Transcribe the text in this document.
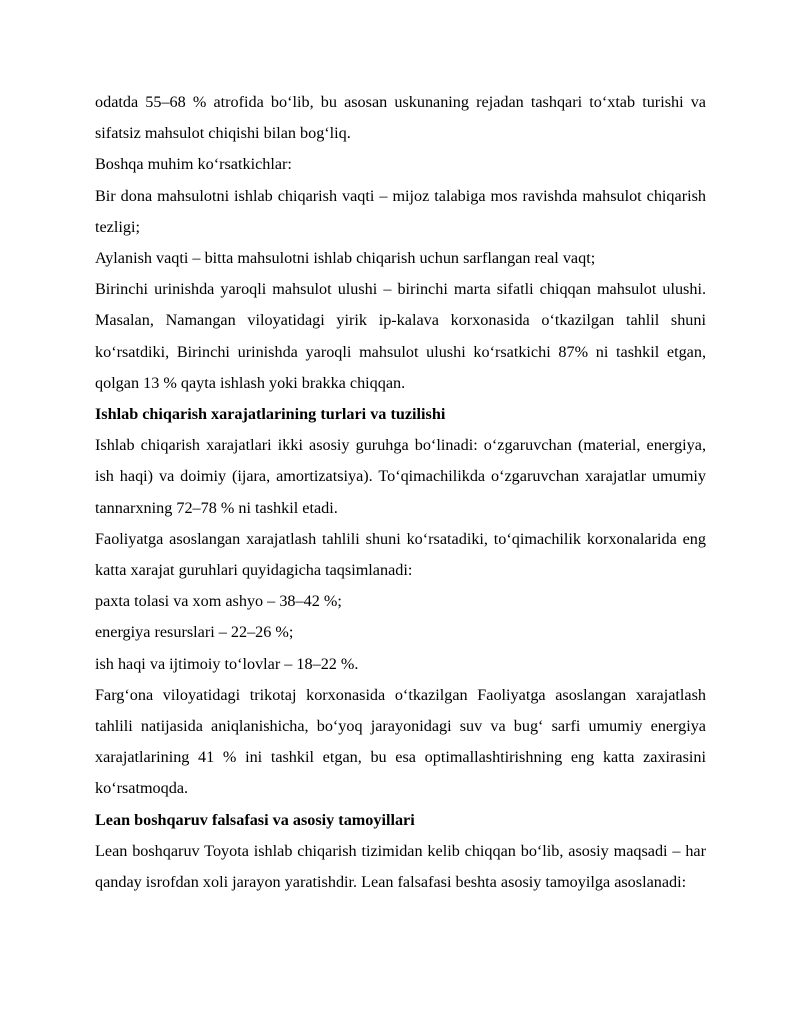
odatda 55–68 % atrofida bo‘lib, bu asosan uskunaning rejadan tashqari to‘xtab turishi va sifatsiz mahsulot chiqishi bilan bog‘liq.

Boshqa muhim ko‘rsatkichlar:

Bir dona mahsulotni ishlab chiqarish vaqti – mijoz talabiga mos ravishda mahsulot chiqarish tezligi;

Aylanish vaqti – bitta mahsulotni ishlab chiqarish uchun sarflangan real vaqt;

Birinchi urinishda yaroqli mahsulot ulushi – birinchi marta sifatli chiqqan mahsulot ulushi. Masalan, Namangan viloyatidagi yirik ip-kalava korxonasida o‘tkazilgan tahlil shuni ko‘rsatdiki, Birinchi urinishda yaroqli mahsulot ulushi ko‘rsatkichi 87% ni tashkil etgan, qolgan 13 % qayta ishlash yoki brakka chiqqan.

Ishlab chiqarish xarajatlarining turlari va tuzilishi

Ishlab chiqarish xarajatlari ikki asosiy guruhga bo‘linadi: o‘zgaruvchan (material, energiya, ish haqi) va doimiy (ijara, amortizatsiya). To‘qimachilikda o‘zgaruvchan xarajatlar umumiy tannarxning 72–78 % ni tashkil etadi.

Faoliyatga asoslangan xarajatlash tahlili shuni ko‘rsatadiki, to‘qimachilik korxonalarida eng katta xarajat guruhlari quyidagicha taqsimlanadi:

paxta tolasi va xom ashyo – 38–42 %;

energiya resurslari – 22–26 %;

ish haqi va ijtimoiy to‘lovlar – 18–22 %.

Farg‘ona viloyatidagi trikotaj korxonasida o‘tkazilgan Faoliyatga asoslangan xarajatlash tahlili natijasida aniqlanishicha, bo‘yoq jarayonidagi suv va bug‘ sarfi umumiy energiya xarajatlarining 41 % ini tashkil etgan, bu esa optimallashtirishning eng katta zaxirasini ko‘rsatmoqda.

Lean boshqaruv falsafasi va asosiy tamoyillari

Lean boshqaruv Toyota ishlab chiqarish tizimidan kelib chiqqan bo‘lib, asosiy maqsadi – har qanday isrofdan xoli jarayon yaratishdir. Lean falsafasi beshta asosiy tamoyilga asoslanadi:
